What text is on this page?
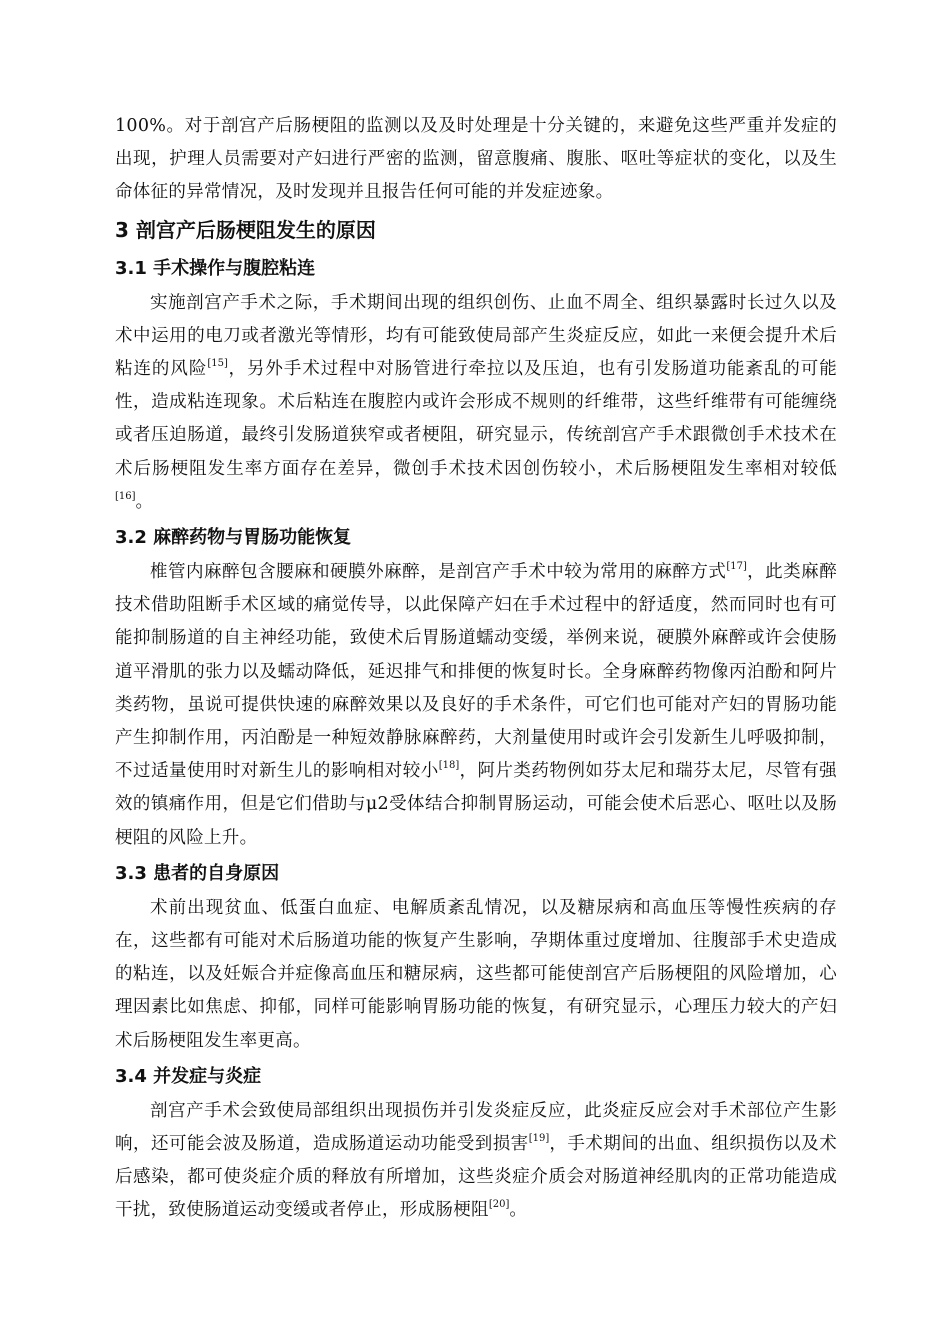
100%。对于剖宫产后肠梗阻的监测以及及时处理是十分关键的，来避免这些严重并发症的出现，护理人员需要对产妇进行严密的监测，留意腹痛、腹胀、呕吐等症状的变化，以及生命体征的异常情况，及时发现并且报告任何可能的并发症迹象。

3 剖宫产后肠梗阻发生的原因
3.1 手术操作与腹腔粘连

实施剖宫产手术之际，手术期间出现的组织创伤、止血不周全、组织暴露时长过久以及术中运用的电刀或者激光等情形，均有可能致使局部产生炎症反应，如此一来便会提升术后粘连的风险[15]，另外手术过程中对肠管进行牵拉以及压迫，也有引发肠道功能紊乱的可能性，造成粘连现象。术后粘连在腹腔内或许会形成不规则的纤维带，这些纤维带有可能缠绕或者压迫肠道，最终引发肠道狭窄或者梗阻，研究显示，传统剖宫产手术跟微创手术技术在术后肠梗阻发生率方面存在差异，微创手术技术因创伤较小，术后肠梗阻发生率相对较低[16]。

3.2 麻醉药物与胃肠功能恢复

椎管内麻醉包含腰麻和硬膜外麻醉，是剖宫产手术中较为常用的麻醉方式[17]，此类麻醉技术借助阻断手术区域的痛觉传导，以此保障产妇在手术过程中的舒适度，然而同时也有可能抑制肠道的自主神经功能，致使术后胃肠道蠕动变缓，举例来说，硬膜外麻醉或许会使肠道平滑肌的张力以及蠕动降低，延迟排气和排便的恢复时长。全身麻醉药物像丙泊酚和阿片类药物，虽说可提供快速的麻醉效果以及良好的手术条件，可它们也可能对产妇的胃肠功能产生抑制作用，丙泊酚是一种短效静脉麻醉药，大剂量使用时或许会引发新生儿呼吸抑制，不过适量使用时对新生儿的影响相对较小[18]，阿片类药物例如芬太尼和瑞芬太尼，尽管有强效的镇痛作用，但是它们借助与μ2受体结合抑制胃肠运动，可能会使术后恶心、呕吐以及肠梗阻的风险上升。

3.3 患者的自身原因

术前出现贫血、低蛋白血症、电解质紊乱情况，以及糖尿病和高血压等慢性疾病的存在，这些都有可能对术后肠道功能的恢复产生影响，孕期体重过度增加、往腹部手术史造成的粘连，以及妊娠合并症像高血压和糖尿病，这些都可能使剖宫产后肠梗阻的风险增加，心理因素比如焦虑、抑郁，同样可能影响胃肠功能的恢复，有研究显示，心理压力较大的产妇术后肠梗阻发生率更高。

3.4 并发症与炎症

剖宫产手术会致使局部组织出现损伤并引发炎症反应，此炎症反应会对手术部位产生影响，还可能会波及肠道，造成肠道运动功能受到损害[19]，手术期间的出血、组织损伤以及术后感染，都可使炎症介质的释放有所增加，这些炎症介质会对肠道神经肌肉的正常功能造成干扰，致使肠道运动变缓或者停止，形成肠梗阻[20]。
